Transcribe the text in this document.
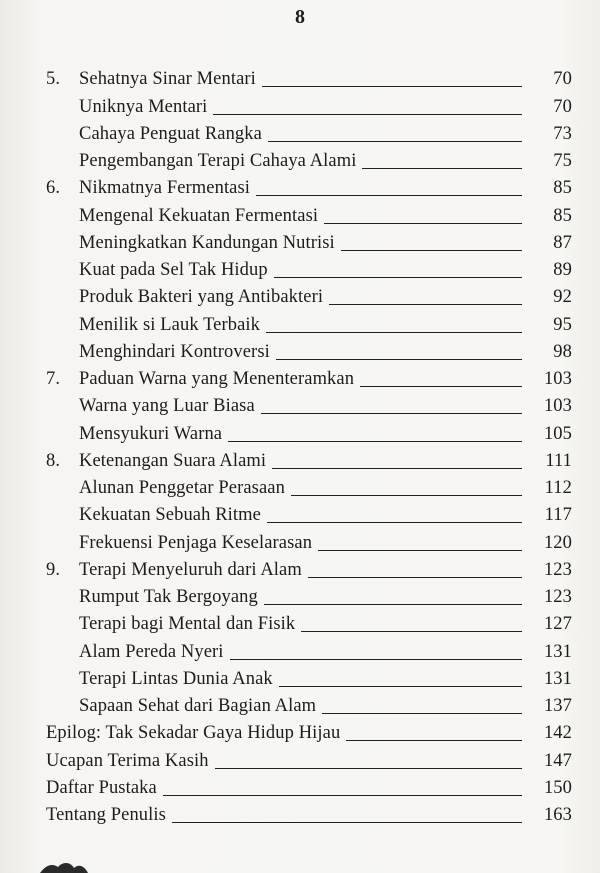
8
5.	Sehatnya Sinar Mentari	70
Uniknya Mentari	70
Cahaya Penguat Rangka	73
Pengembangan Terapi Cahaya Alami	75
6.	Nikmatnya Fermentasi	85
Mengenal Kekuatan Fermentasi	85
Meningkatkan Kandungan Nutrisi	87
Kuat pada Sel Tak Hidup	89
Produk Bakteri yang Antibakteri	92
Menilik si Lauk Terbaik	95
Menghindari Kontroversi	98
7.	Paduan Warna yang Menenteramkan	103
Warna yang Luar Biasa	103
Mensyukuri Warna	105
8.	Ketenangan Suara Alami	111
Alunan Penggetar Perasaan	112
Kekuatan Sebuah Ritme	117
Frekuensi Penjaga Keselarasan	120
9.	Terapi Menyeluruh dari Alam	123
Rumput Tak Bergoyang	123
Terapi bagi Mental dan Fisik	127
Alam Pereda Nyeri	131
Terapi Lintas Dunia Anak	131
Sapaan Sehat dari Bagian Alam	137
Epilog: Tak Sekadar Gaya Hidup Hijau	142
Ucapan Terima Kasih	147
Daftar Pustaka	150
Tentang Penulis	163
